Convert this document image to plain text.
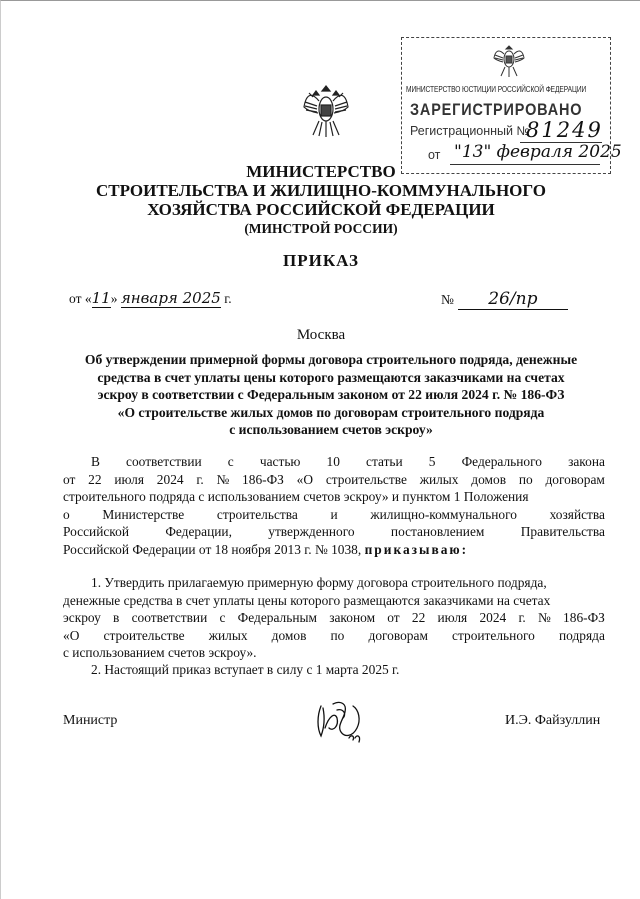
МИНИСТЕРСТВО ЮСТИЦИИ РОССИЙСКОЙ ФЕДЕРАЦИИ
ЗАРЕГИСТРИРОВАНО
Регистрационный №
81249
от "13" февраля 2025
МИНИСТЕРСТВО
СТРОИТЕЛЬСТВА И ЖИЛИЩНО-КОММУНАЛЬНОГО
ХОЗЯЙСТВА РОССИЙСКОЙ ФЕДЕРАЦИИ
(МИНСТРОЙ РОССИИ)
ПРИКАЗ
от «11» января 2025 г.	№ 26/пр
Москва
Об утверждении примерной формы договора строительного подряда, денежные
средства в счет уплаты цены которого размещаются заказчиками на счетах
эскроу в соответствии с Федеральным законом от 22 июля 2024 г. № 186-ФЗ
«О строительстве жилых домов по договорам строительного подряда
с использованием счетов эскроу»
В соответствии с частью 10 статьи 5 Федерального закона
от 22 июля 2024 г. № 186-ФЗ «О строительстве жилых домов по договорам
строительного подряда с использованием счетов эскроу» и пунктом 1 Положения
о Министерстве строительства и жилищно-коммунального хозяйства
Российской	Федерации,	утвержденного	постановлением	Правительства
Российской Федерации от 18 ноября 2013 г. № 1038, приказываю:
1. Утвердить прилагаемую примерную форму договора строительного подряда,
денежные средства в счет уплаты цены которого размещаются заказчиками на счетах
эскроу в соответствии с Федеральным законом от 22 июля 2024 г. № 186-ФЗ
«О строительстве жилых домов по договорам строительного подряда
с использованием счетов эскроу».
2. Настоящий приказ вступает в силу с 1 марта 2025 г.
Министр	И.Э. Файзуллин
